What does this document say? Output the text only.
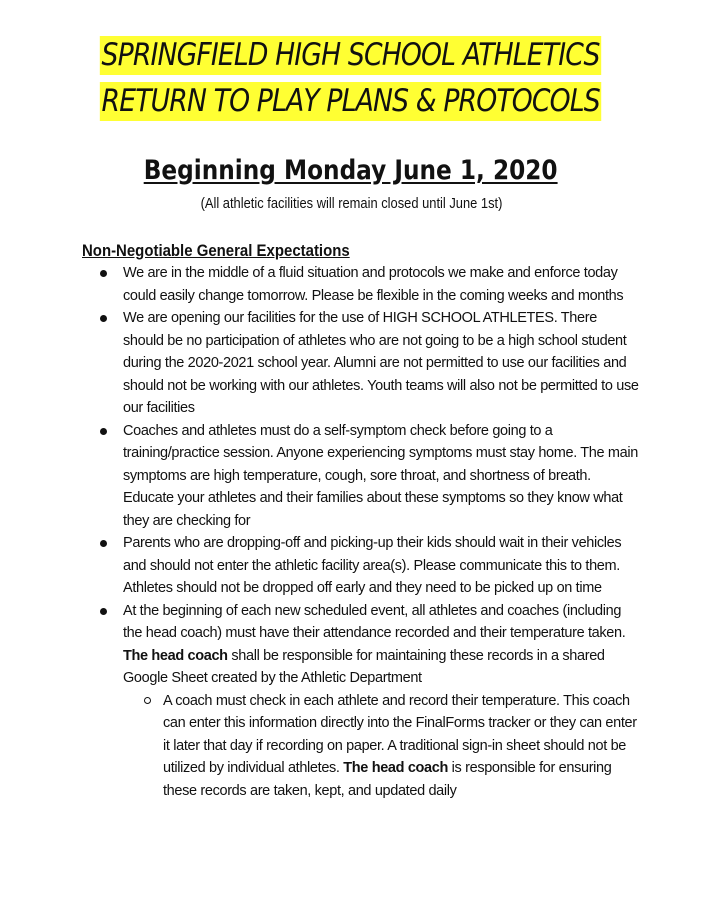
SPRINGFIELD HIGH SCHOOL ATHLETICS
RETURN TO PLAY PLANS & PROTOCOLS
Beginning Monday June 1, 2020
(All athletic facilities will remain closed until June 1st)
Non-Negotiable General Expectations
We are in the middle of a fluid situation and protocols we make and enforce today could easily change tomorrow. Please be flexible in the coming weeks and months
We are opening our facilities for the use of HIGH SCHOOL ATHLETES. There should be no participation of athletes who are not going to be a high school student during the 2020-2021 school year. Alumni are not permitted to use our facilities and should not be working with our athletes. Youth teams will also not be permitted to use our facilities
Coaches and athletes must do a self-symptom check before going to a training/practice session. Anyone experiencing symptoms must stay home. The main symptoms are high temperature, cough, sore throat, and shortness of breath. Educate your athletes and their families about these symptoms so they know what they are checking for
Parents who are dropping-off and picking-up their kids should wait in their vehicles and should not enter the athletic facility area(s). Please communicate this to them. Athletes should not be dropped off early and they need to be picked up on time
At the beginning of each new scheduled event, all athletes and coaches (including the head coach) must have their attendance recorded and their temperature taken. The head coach shall be responsible for maintaining these records in a shared Google Sheet created by the Athletic Department
A coach must check in each athlete and record their temperature. This coach can enter this information directly into the FinalForms tracker or they can enter it later that day if recording on paper. A traditional sign-in sheet should not be utilized by individual athletes. The head coach is responsible for ensuring these records are taken, kept, and updated daily
